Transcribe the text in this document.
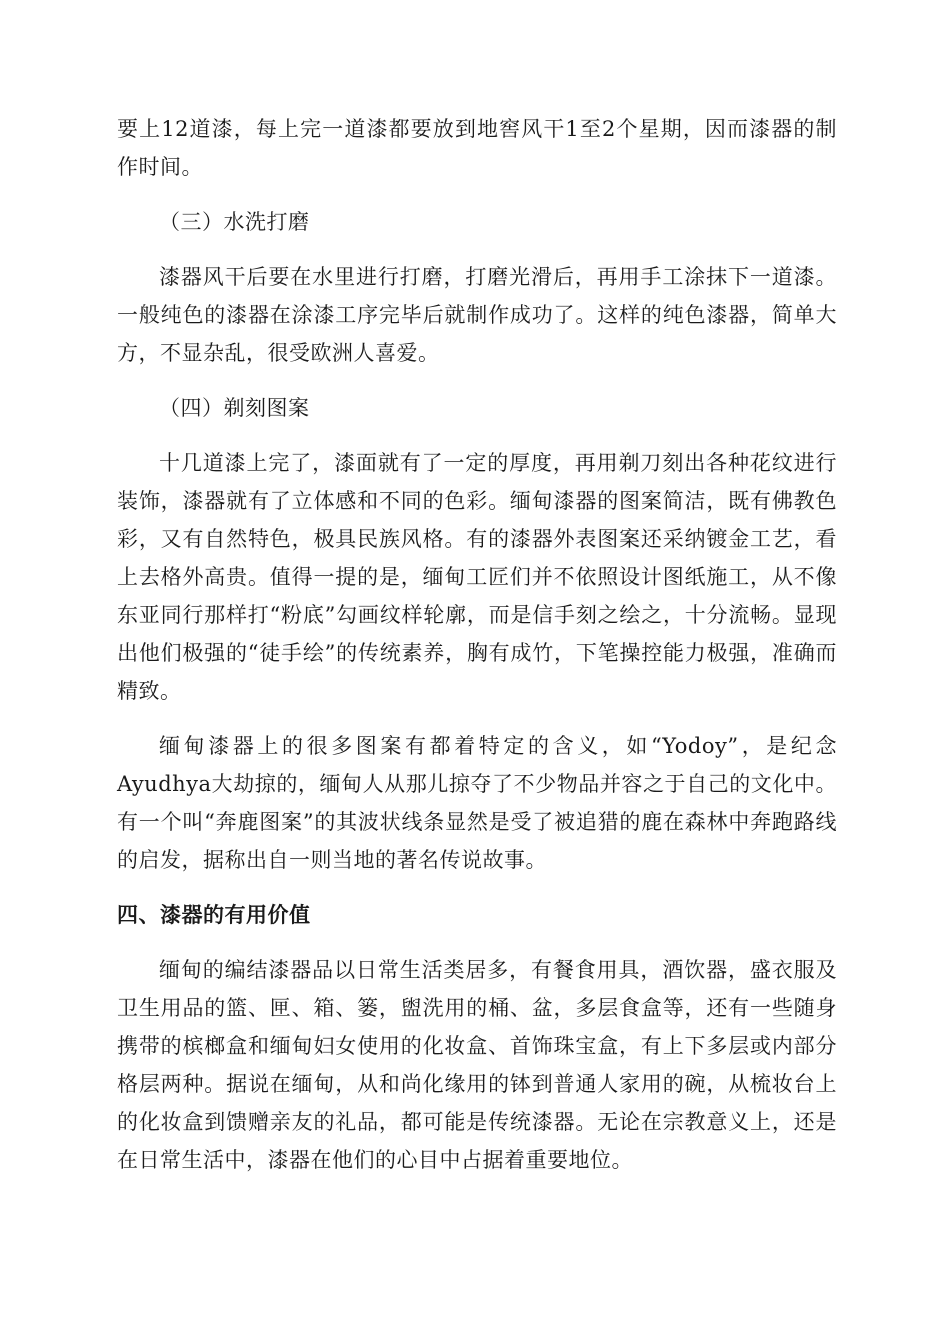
要上12道漆，每上完一道漆都要放到地窖风干1至2个星期，因而漆器的制作时间。

（三）水洗打磨

漆器风干后要在水里进行打磨，打磨光滑后，再用手工涂抹下一道漆。一般纯色的漆器在涂漆工序完毕后就制作成功了。这样的纯色漆器，简单大方，不显杂乱，很受欧洲人喜爱。

（四）剃刻图案

十几道漆上完了，漆面就有了一定的厚度，再用剃刀刻出各种花纹进行装饰，漆器就有了立体感和不同的色彩。缅甸漆器的图案简洁，既有佛教色彩，又有自然特色，极具民族风格。有的漆器外表图案还采纳镀金工艺，看上去格外高贵。值得一提的是，缅甸工匠们并不依照设计图纸施工，从不像东亚同行那样打“粉底”勾画纹样轮廓，而是信手刻之绘之，十分流畅。显现出他们极强的“徒手绘”的传统素养，胸有成竹，下笔操控能力极强，准确而精致。

缅甸漆器上的很多图案有都着特定的含义，如“Yodoy”，是纪念Ayudhya大劫掠的，缅甸人从那儿掠夺了不少物品并容之于自己的文化中。有一个叫“奔鹿图案”的其波状线条显然是受了被追猎的鹿在森林中奔跑路线的启发，据称出自一则当地的著名传说故事。

四、漆器的有用价值

缅甸的编结漆器品以日常生活类居多，有餐食用具，酒饮器，盛衣服及卫生用品的篮、匣、箱、篓，盥洗用的桶、盆，多层食盒等，还有一些随身携带的槟榔盒和缅甸妇女使用的化妆盒、首饰珠宝盒，有上下多层或内部分格层两种。据说在缅甸，从和尚化缘用的钵到普通人家用的碗，从梳妆台上的化妆盒到馈赠亲友的礼品，都可能是传统漆器。无论在宗教意义上，还是在日常生活中，漆器在他们的心目中占据着重要地位。
